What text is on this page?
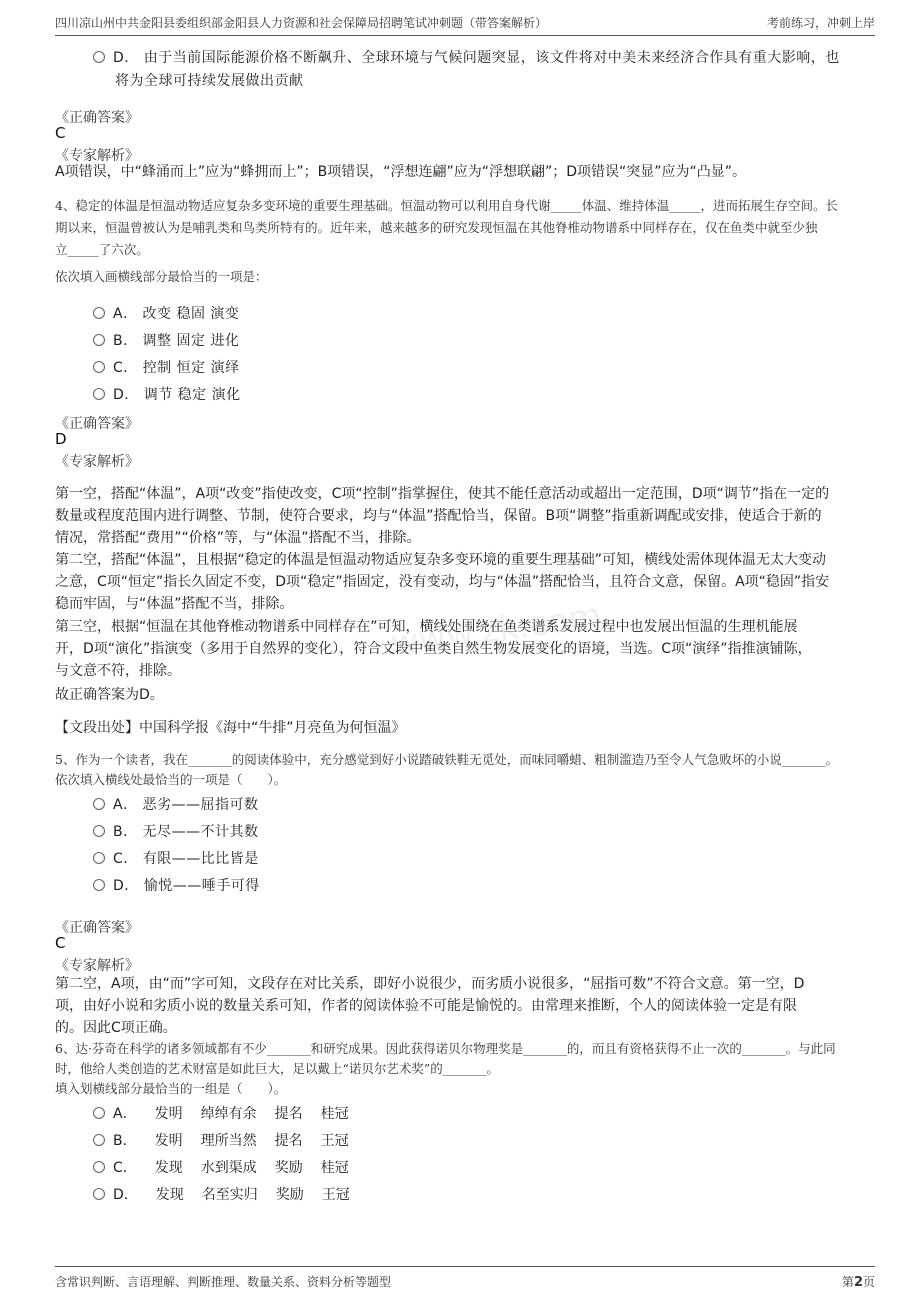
四川凉山州中共金阳县委组织部金阳县人力资源和社会保障局招聘笔试冲刺题（带答案解析）	考前练习，冲刺上岸
D． 由于当前国际能源价格不断飙升、全球环境与气候问题突显，该文件将对中美未来经济合作具有重大影响，也
将为全球可持续发展做出贡献
《正确答案》
C
《专家解析》
A项错误，中“蜂涌而上”应为“蜂拥而上”；B项错误，“浮想连翩”应为“浮想联翩”；D项错误“突显”应为“凸显”。
4、稳定的体温是恒温动物适应复杂多变环境的重要生理基础。恒温动物可以利用自身代谢_____体温、维持体温_____，进而拓展生存空间。长
期以来，恒温曾被认为是哺乳类和鸟类所特有的。近年来，越来越多的研究发现恒温在其他脊椎动物谱系中同样存在，仅在鱼类中就至少独
立_____了六次。
依次填入画横线部分最恰当的一项是：
A． 改变 稳固 演变
B． 调整 固定 进化
C． 控制 恒定 演绎
D． 调节 稳定 演化
《正确答案》
D
《专家解析》
第一空，搭配“体温”，A项“改变”指使改变，C项“控制”指掌握住，使其不能任意活动或超出一定范围，D项“调节”指在一定的
数量或程度范围内进行调整、节制，使符合要求，均与“体温”搭配恰当，保留。B项“调整”指重新调配或安排，使适合于新的
情况，常搭配“费用”“价格”等，与“体温”搭配不当，排除。
第二空，搭配“体温”，且根据“稳定的体温是恒温动物适应复杂多变环境的重要生理基础”可知，横线处需体现体温无太大变动
之意，C项“恒定”指长久固定不变，D项“稳定”指固定，没有变动，均与“体温”搭配恰当，且符合文意，保留。A项“稳固”指安
稳而牢固，与“体温”搭配不当，排除。
第三空，根据“恒温在其他脊椎动物谱系中同样存在”可知，横线处围绕在鱼类谱系发展过程中也发展出恒温的生理机能展
开，D项“演化”指演变（多用于自然界的变化），符合文段中鱼类自然生物发展变化的语境，当选。C项“演绎”指推演铺陈，
与文意不符，排除。
故正确答案为D。
【文段出处】中国科学报《海中“牛排”月亮鱼为何恒温》
5、作为一个读者，我在_______的阅读体验中，充分感觉到好小说踏破铁鞋无觅处，而味同嚼蜡、粗制滥造乃至令人气急败坏的小说_______。
依次填入横线处最恰当的一项是（　　）。
A． 恶劣——屈指可数
B． 无尽——不计其数
C． 有限——比比皆是
D． 愉悦——唾手可得
《正确答案》
C
《专家解析》
第二空，A项，由“而”字可知，文段存在对比关系，即好小说很少，而劣质小说很多，“屈指可数”不符合文意。第一空，D
项，由好小说和劣质小说的数量关系可知，作者的阅读体验不可能是愉悦的。由常理来推断，个人的阅读体验一定是有限
的。因此C项正确。
6、达·芬奇在科学的诸多领域都有不少_______和研究成果。因此获得诺贝尔物理奖是_______的，而且有资格获得不止一次的_______。与此同
时，他给人类创造的艺术财富是如此巨大，足以戴上“诺贝尔艺术奖”的_______。
填入划横线部分最恰当的一组是（　　）。
A． 发明 绰绰有余 提名 桂冠
B． 发明 理所当然 提名 王冠
C． 发现 水到渠成 奖励 桂冠
D． 发现 名至实归 奖励 王冠
www.zk.com
含常识判断、言语理解、判断推理、数量关系、资料分析等题型	第2页
